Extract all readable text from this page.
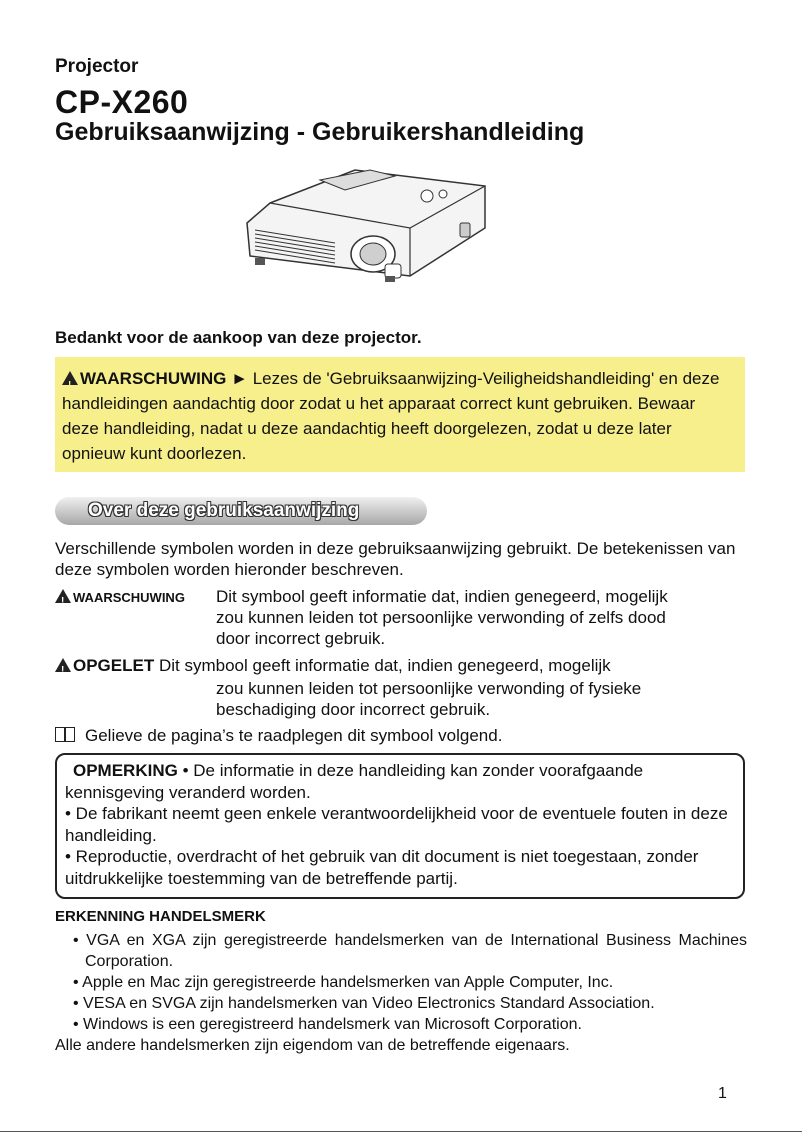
Projector
CP-X260
Gebruiksaanwijzing - Gebruikershandleiding
Bedankt voor de aankoop van deze projector.

!WAARSCHUWING ► Lezes de 'Gebruiksaanwijzing-Veiligheidshandleiding' en deze handleidingen aandachtig door zodat u het apparaat correct kunt gebruiken. Bewaar deze handleiding, nadat u deze aandachtig heeft doorgelezen, zodat u deze later opnieuw kunt doorlezen.

Over deze gebruiksaanwijzing
Verschillende symbolen worden in deze gebruiksaanwijzing gebruikt. De betekenissen van deze symbolen worden hieronder beschreven.
!WAARSCHUWING Dit symbool geeft informatie dat, indien genegeerd, mogelijk
zou kunnen leiden tot persoonlijke verwonding of zelfs dood
door incorrect gebruik.
!OPGELET Dit symbool geeft informatie dat, indien genegeerd, mogelijk
zou kunnen leiden tot persoonlijke verwonding of fysieke
beschadiging door incorrect gebruik.
Gelieve de pagina’s te raadplegen dit symbool volgend.

OPMERKING • De informatie in deze handleiding kan zonder voorafgaande kennisgeving veranderd worden.

• De fabrikant neemt geen enkele verantwoordelijkheid voor de eventuele fouten in deze handleiding.

• Reproductie, overdracht of het gebruik van dit document is niet toegestaan, zonder uitdrukkelijke toestemming van de betreffende partij.

ERKENNING HANDELSMERK
• VGA en XGA zijn geregistreerde handelsmerken van de International Business Machines Corporation.
• Apple en Mac zijn geregistreerde handelsmerken van Apple Computer, Inc.
• VESA en SVGA zijn handelsmerken van Video Electronics Standard Association.
• Windows is een geregistreerd handelsmerk van Microsoft Corporation.
Alle andere handelsmerken zijn eigendom van de betreffende eigenaars.
1
